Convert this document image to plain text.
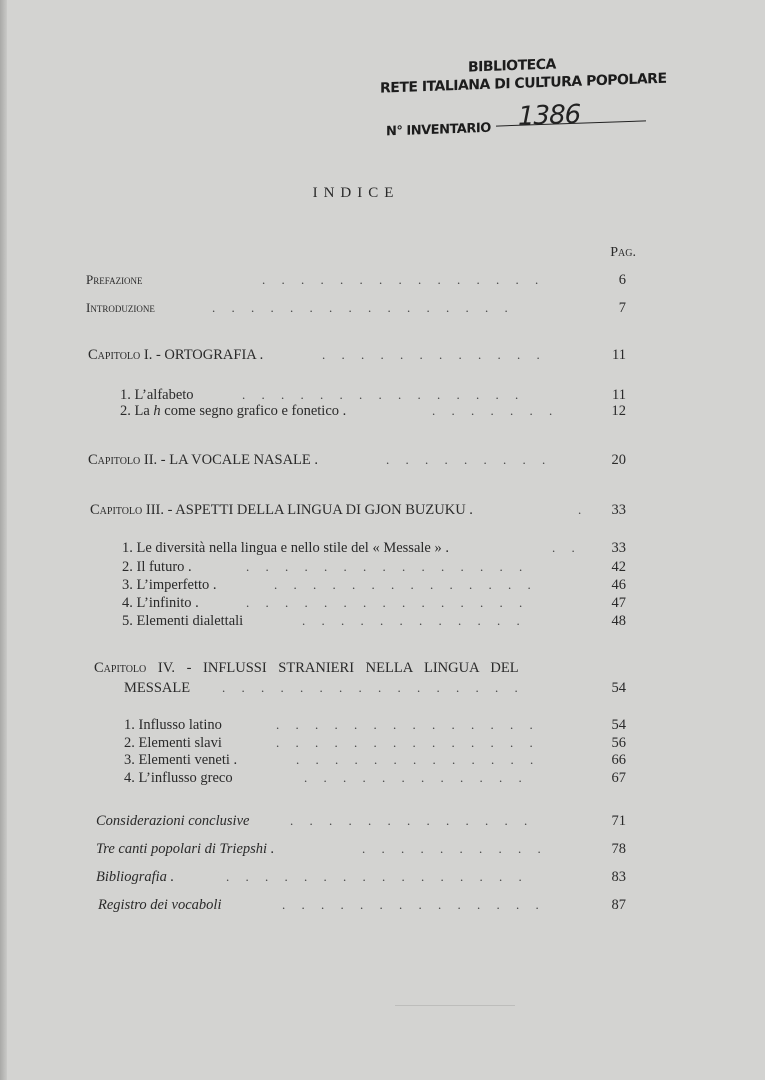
BIBLIOTECA
RETE ITALIANA DI CULTURA POPOLARE
N° INVENTARIO 1386
INDICE
Pag.
Prefazione	.     .     .     .     .     .     .     .     .     .     .     .     .     .     .	6
Introduzione	.     .     .     .     .     .     .     .     .     .     .     .     .     .     .     .	7
Capitolo I. - ORTOGRAFIA .	.     .     .     .     .     .     .     .     .     .     .     .	11
1. L’alfabeto	.     .     .     .     .     .     .     .     .     .     .     .     .     .     .	11
2. La h come segno grafico e fonetico .	.     .     .     .     .     .     .	12
Capitolo II. - LA VOCALE NASALE .	.     .     .     .     .     .     .     .     .	20
Capitolo III. - ASPETTI DELLA LINGUA DI GJON BUZUKU .	.	33
1. Le diversità nella lingua e nello stile del « Messale » .	.     .	33
2. Il futuro .	.     .     .     .     .     .     .     .     .     .     .     .     .     .     .	42
3. L’imperfetto .	.     .     .     .     .     .     .     .     .     .     .     .     .     .	46
4. L’infinito .	.     .     .     .     .     .     .     .     .     .     .     .     .     .     .	47
5. Elementi dialettali	.     .     .     .     .     .     .     .     .     .     .     .	48
Capitolo IV. - INFLUSSI STRANIERI NELLA LINGUA DEL
MESSALE .     .     .     .     .     .     .     .     .     .     .     .     .     .     .     .	54
1. Influsso latino	.     .     .     .     .     .     .     .     .     .     .     .     .     .	54
2. Elementi slavi	.     .     .     .     .     .     .     .     .     .     .     .     .     .	56
3. Elementi veneti .	.     .     .     .     .     .     .     .     .     .     .     .     .	66
4. L’influsso greco	.     .     .     .     .     .     .     .     .     .     .     .	67
Considerazioni conclusive	.     .     .     .     .     .     .     .     .     .     .     .     .	71
Tre canti popolari di Triepshi .	.     .     .     .     .     .     .     .     .     .	78
Bibliografia .	.     .     .     .     .     .     .     .     .     .     .     .     .     .     .     .	83
Registro dei vocaboli	.     .     .     .     .     .     .     .     .     .     .     .     .     .	87
